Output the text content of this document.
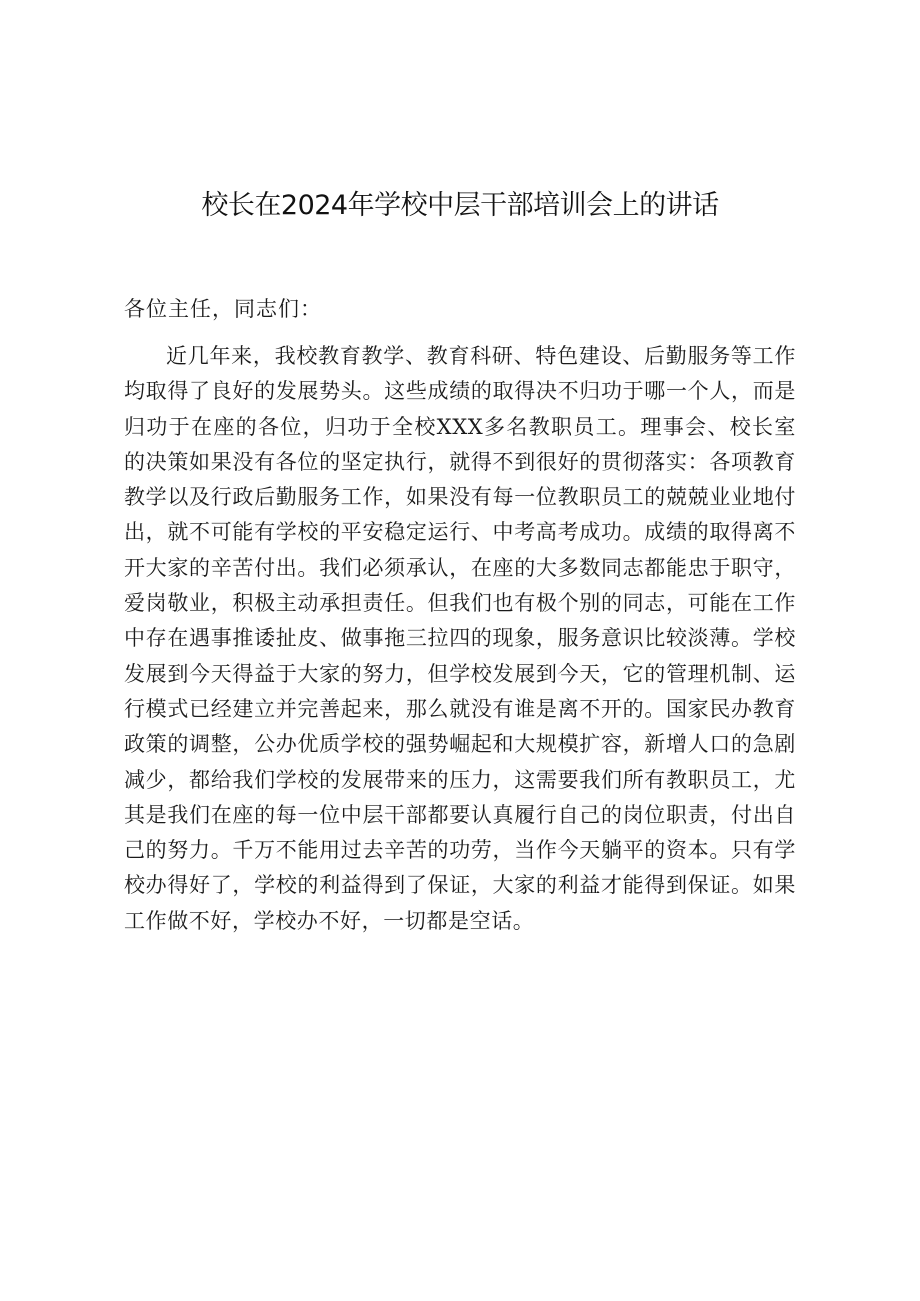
校长在2024年学校中层干部培训会上的讲话

各位主任，同志们：

近几年来，我校教育教学、教育科研、特色建设、后勤服务等工作均取得了良好的发展势头。这些成绩的取得决不归功于哪一个人，而是归功于在座的各位，归功于全校XXX多名教职员工。理事会、校长室的决策如果没有各位的坚定执行，就得不到很好的贯彻落实：各项教育教学以及行政后勤服务工作，如果没有每一位教职员工的兢兢业业地付出，就不可能有学校的平安稳定运行、中考高考成功。成绩的取得离不开大家的辛苦付出。我们必须承认，在座的大多数同志都能忠于职守，爱岗敬业，积极主动承担责任。但我们也有极个别的同志，可能在工作中存在遇事推诿扯皮、做事拖三拉四的现象，服务意识比较淡薄。学校发展到今天得益于大家的努力，但学校发展到今天，它的管理机制、运行模式已经建立并完善起来，那么就没有谁是离不开的。国家民办教育政策的调整，公办优质学校的强势崛起和大规模扩容，新增人口的急剧减少，都给我们学校的发展带来的压力，这需要我们所有教职员工，尤其是我们在座的每一位中层干部都要认真履行自己的岗位职责，付出自己的努力。千万不能用过去辛苦的功劳，当作今天躺平的资本。只有学校办得好了，学校的利益得到了保证，大家的利益才能得到保证。如果工作做不好，学校办不好，一切都是空话。
